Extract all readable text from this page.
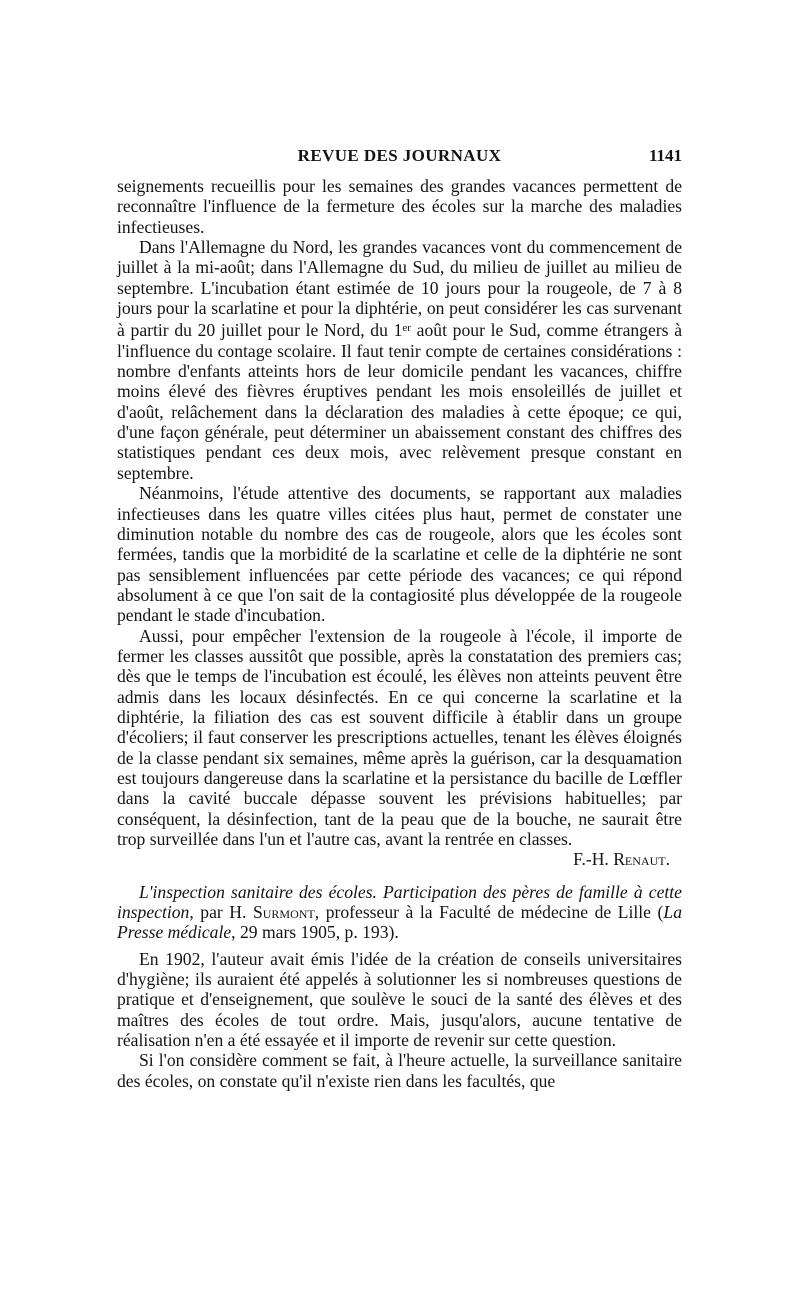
REVUE DES JOURNAUX	1141

seignements recueillis pour les semaines des grandes vacances permettent de reconnaître l'influence de la fermeture des écoles sur la marche des maladies infectieuses.

Dans l'Allemagne du Nord, les grandes vacances vont du commencement de juillet à la mi-août; dans l'Allemagne du Sud, du milieu de juillet au milieu de septembre. L'incubation étant estimée de 10 jours pour la rougeole, de 7 à 8 jours pour la scarlatine et pour la diphtérie, on peut considérer les cas survenant à partir du 20 juillet pour le Nord, du 1er août pour le Sud, comme étrangers à l'influence du contage scolaire. Il faut tenir compte de certaines considérations : nombre d'enfants atteints hors de leur domicile pendant les vacances, chiffre moins élevé des fièvres éruptives pendant les mois ensoleillés de juillet et d'août, relâchement dans la déclaration des maladies à cette époque; ce qui, d'une façon générale, peut déterminer un abaissement constant des chiffres des statistiques pendant ces deux mois, avec relèvement presque constant en septembre.

Néanmoins, l'étude attentive des documents, se rapportant aux maladies infectieuses dans les quatre villes citées plus haut, permet de constater une diminution notable du nombre des cas de rougeole, alors que les écoles sont fermées, tandis que la morbidité de la scarlatine et celle de la diphtérie ne sont pas sensiblement influencées par cette période des vacances; ce qui répond absolument à ce que l'on sait de la contagiosité plus développée de la rougeole pendant le stade d'incubation.

Aussi, pour empêcher l'extension de la rougeole à l'école, il importe de fermer les classes aussitôt que possible, après la constatation des premiers cas; dès que le temps de l'incubation est écoulé, les élèves non atteints peuvent être admis dans les locaux désinfectés. En ce qui concerne la scarlatine et la diphtérie, la filiation des cas est souvent difficile à établir dans un groupe d'écoliers; il faut conserver les prescriptions actuelles, tenant les élèves éloignés de la classe pendant six semaines, même après la guérison, car la desquamation est toujours dangereuse dans la scarlatine et la persistance du bacille de Lœffler dans la cavité buccale dépasse souvent les prévisions habituelles; par conséquent, la désinfection, tant de la peau que de la bouche, ne saurait être trop surveillée dans l'un et l'autre cas, avant la rentrée en classes.

F.-H. Renaut.

L'inspection sanitaire des écoles. Participation des pères de famille à cette inspection, par H. Surmont, professeur à la Faculté de médecine de Lille (La Presse médicale, 29 mars 1905, p. 193).

En 1902, l'auteur avait émis l'idée de la création de conseils universitaires d'hygiène; ils auraient été appelés à solutionner les si nombreuses questions de pratique et d'enseignement, que soulève le souci de la santé des élèves et des maîtres des écoles de tout ordre. Mais, jusqu'alors, aucune tentative de réalisation n'en a été essayée et il importe de revenir sur cette question.

Si l'on considère comment se fait, à l'heure actuelle, la surveillance sanitaire des écoles, on constate qu'il n'existe rien dans les facultés, que
